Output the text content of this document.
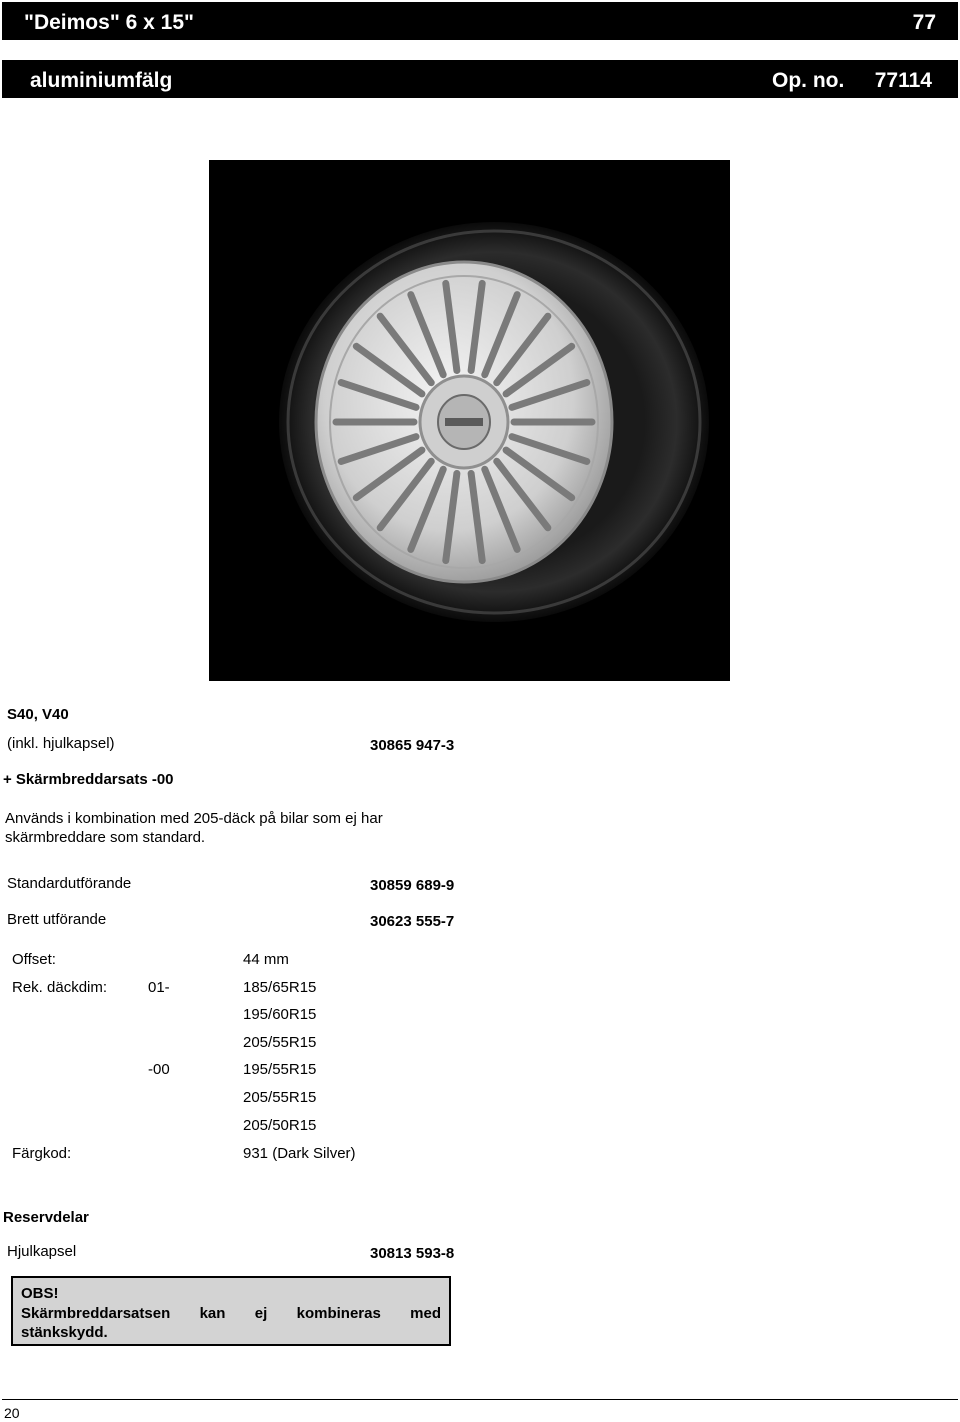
"Deimos" 6 x 15"	77
aluminiumfälg	Op. no. 77114
S40, V40
(inkl. hjulkapsel)	30865 947-3
+ Skärmbreddarsats -00
Används i kombination med 205-däck på bilar som ej har
skärmbreddare som standard.
Standardutförande	30859 689-9
Brett utförande	30623 555-7
Offset:	44 mm
Rek. däckdim:	01-	185/65R15
195/60R15
205/55R15
-00	195/55R15
205/55R15
205/50R15
Färgkod:	931 (Dark Silver)
Reservdelar
Hjulkapsel	30813 593-8
OBS!
Skärmbreddarsatsen kan ej kombineras med
stänkskydd.
20
